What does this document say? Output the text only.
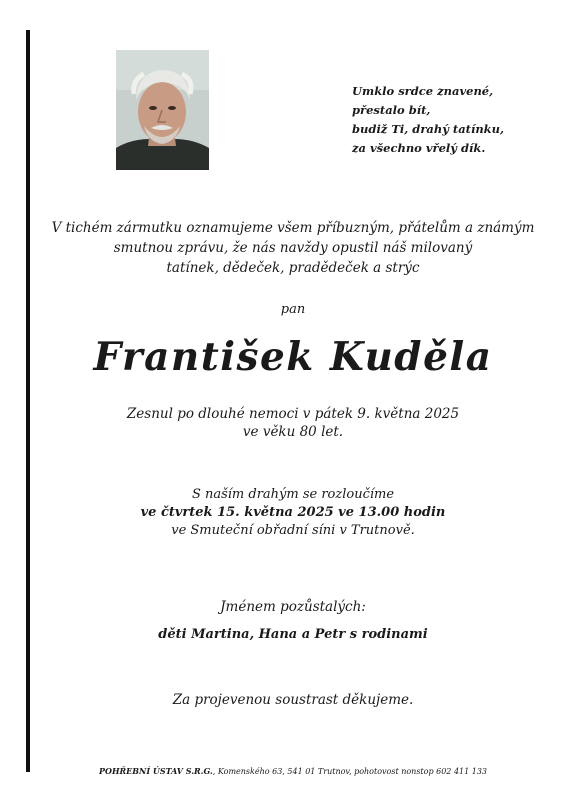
Umklo srdce znavené,
přestalo bít,
budiž Ti, drahý tatínku,
za všechno vřelý dík.
V tichém zármutku oznamujeme všem příbuzným, přátelům a známým
smutnou zprávu, že nás navždy opustil náš milovaný
tatínek, dědeček, pradědeček a strýc
pan
František Kuděla
Zesnul po dlouhé nemoci v pátek 9. května 2025
ve věku 80 let.
S naším drahým se rozloučíme
ve čtvrtek 15. května 2025 ve 13.00 hodin
ve Smuteční obřadní síni v Trutnově.
Jménem pozůstalých:
děti Martina, Hana a Petr s rodinami
Za projevenou soustrast děkujeme.
POHŘEBNÍ ÚSTAV S.R.G., Komenského 63, 541 01 Trutnov, pohotovost nonstop 602 411 133
